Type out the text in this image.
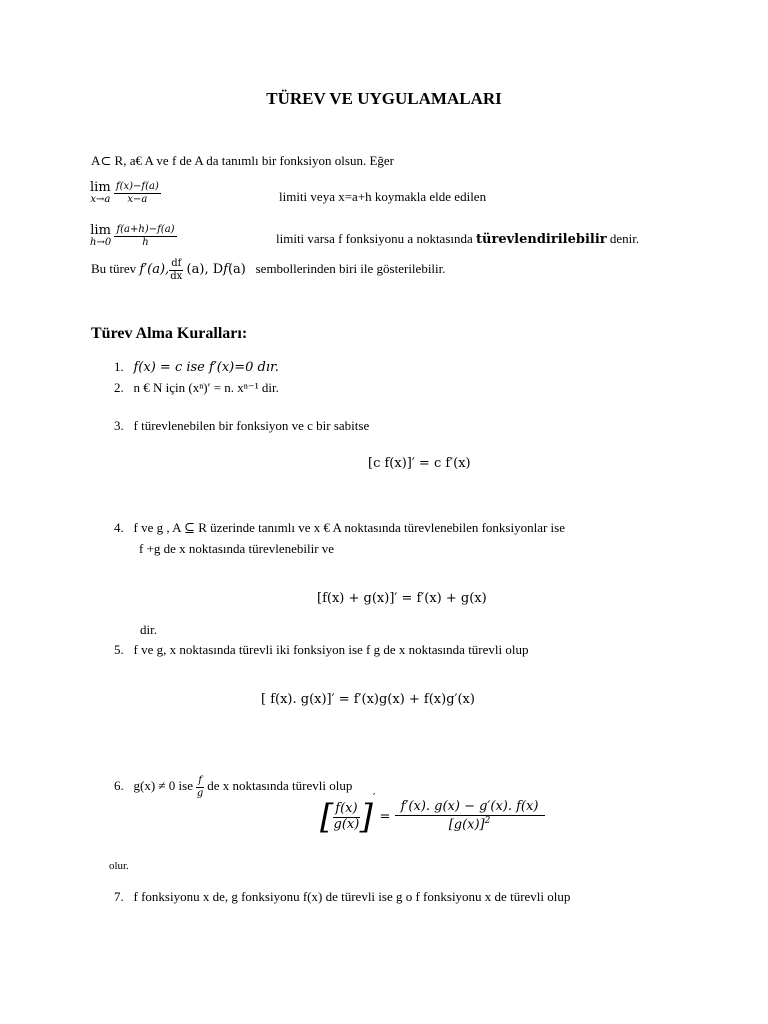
TÜREV VE UYGULAMALARI
A⊂ R, a€ A ve f de A da tanımlı bir fonksiyon olsun. Eğer
lim
x→a
$\frac{f(x)-f(a)}{x-a}$	limiti veya x=a+h koymakla elde edilen
lim
h→0
$\frac{f(a+h)-f(a)}{h}$	limiti varsa f fonksiyonu a noktasında türevlendirilebilir denir.
Bu türev f′(a), $\frac{df}{dx} (a)$, Df(a) sembollerinden biri ile gösterilebilir.
Türev Alma Kuralları:
1. f(x) = c ise f′(x)=0 dır.
2. n € N için (xⁿ)′ = n. xⁿ⁻¹ dir.
3. f türevlenebilen bir fonksiyon ve c bir sabitse
[c f(x)]′ = c f′(x)
4. f ve g , A ⊆ R üzerinde tanımlı ve x € A noktasında türevlenebilen fonksiyonlar ise
f +g de x noktasında türevlenebilir ve
[f(x) + g(x)]′ = f′(x) + g(x)
dir.
5. f ve g, x noktasında türevli iki fonksiyon ise f g de x noktasında türevli olup
[ f(x). g(x)]′ = f′(x)g(x) + f(x)g′(x)
6. g(x) ≠ 0 ise $\frac{f}{g}$ de x noktasında türevli olup
[ $\frac{f(x)}{g(x)} ]' = \frac{f'(x). g(x) - g'(x). f(x)}{[g(x)]^2}$
olur.
7. f fonksiyonu x de, g fonksiyonu f(x) de türevli ise g o f fonksiyonu x de türevli olup
